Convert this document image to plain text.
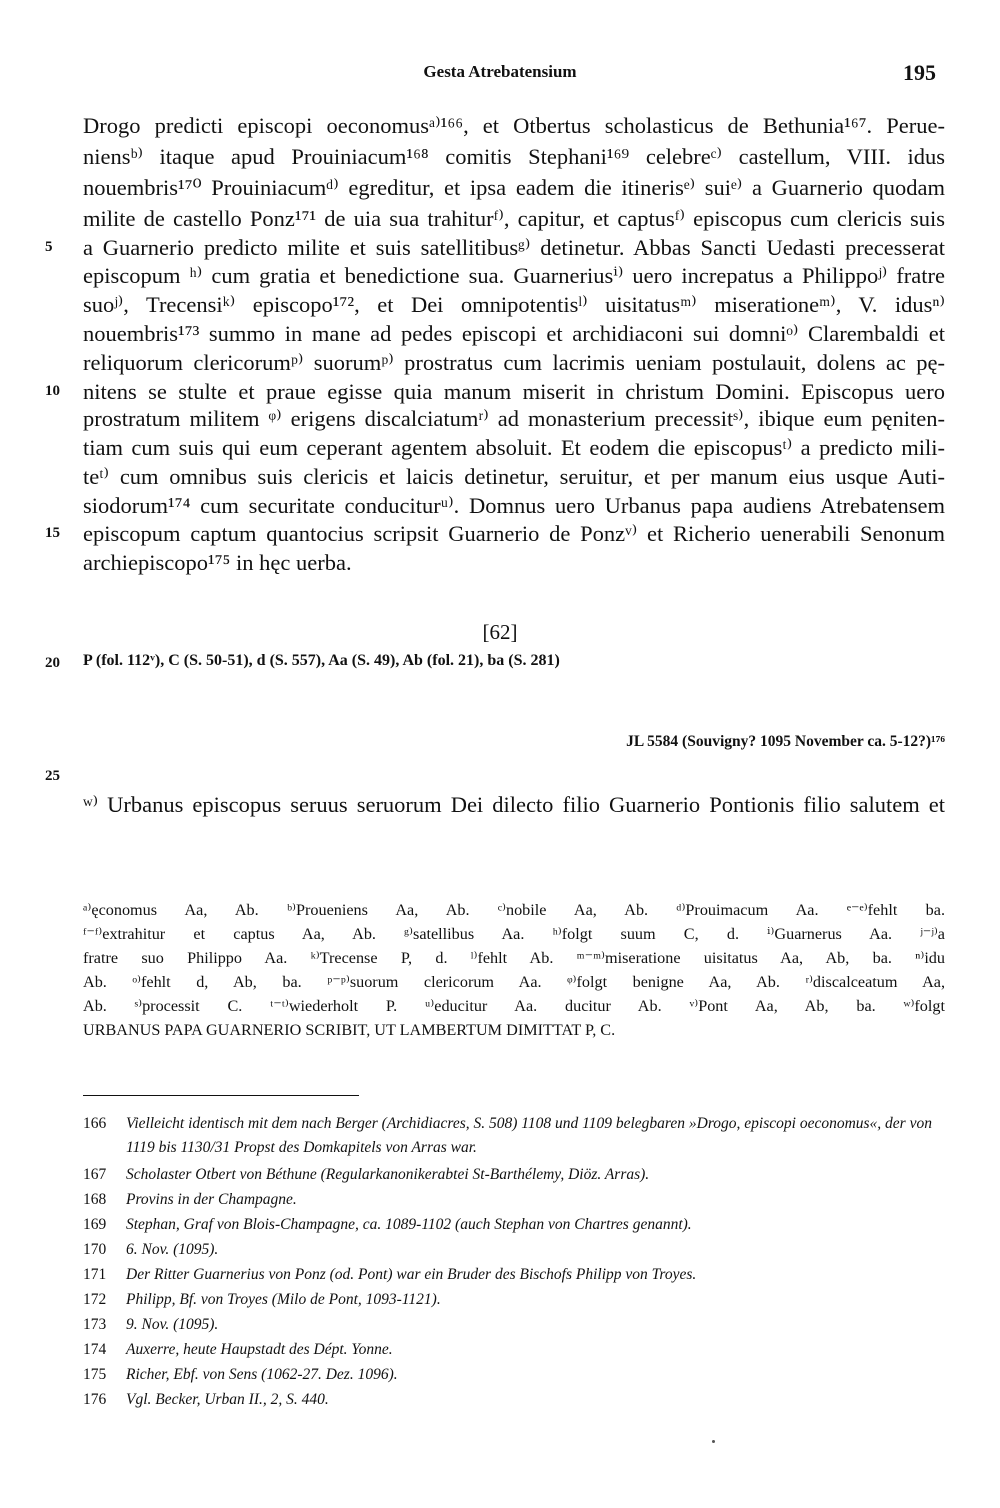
Gesta Atrebatensium	195
Drogo predicti episcopi oeconomusᵃ⁾¹⁶⁶, et Otbertus scholasticus de Bethunia¹⁶⁷. Perue-
niensᵇ⁾ itaque apud Prouiniacum¹⁶⁸ comitis Stephani¹⁶⁹ celebreᶜ⁾ castellum, VIII. idus
nouembris¹⁷⁰ Prouiniacumᵈ⁾ egreditur, et ipsa eadem die itinerisᵉ⁾ suiᵉ⁾ a Guarnerio quodam
milite de castello Ponz¹⁷¹ de uia sua trahiturᶠ⁾, capitur, et captusᶠ⁾ episcopus cum clericis suis
a Guarnerio predicto milite et suis satellitibusᵍ⁾ detinetur. Abbas Sancti Uedasti precesserat
episcopum ʰ⁾ cum gratia et benedictione sua. Guarneriusⁱ⁾ uero increpatus a Philippoʲ⁾ fratre
suoʲ⁾, Trecensiᵏ⁾ episcopo¹⁷², et Dei omnipotentisˡ⁾ uisitatusᵐ⁾ miserationeᵐ⁾, V. idusⁿ⁾
nouembris¹⁷³ summo in mane ad pedes episcopi et archidiaconi sui domniᵒ⁾ Clarembaldi et
reliquorum clericorumᵖ⁾ suorumᵖ⁾ prostratus cum lacrimis ueniam postulauit, dolens ac pę-
nitens se stulte et praue egisse quia manum miserit in christum Domini. Episcopus uero
prostratum militem ᵠ⁾ erigens discalciatumʳ⁾ ad monasterium precessitˢ⁾, ibique eum pęniten-
tiam cum suis qui eum ceperant agentem absoluit. Et eodem die episcopusᵗ⁾ a predicto mili-
teᵗ⁾ cum omnibus suis clericis et laicis detinetur, seruitur, et per manum eius usque Auti-
siodorum¹⁷⁴ cum securitate conduciturᵘ⁾. Domnus uero Urbanus papa audiens Atrebatensem
episcopum captum quantocius scripsit Guarnerio de Ponzᵛ⁾ et Richerio uenerabili Senonum
archiepiscopo¹⁷⁵ in hęc uerba.
5
10
15
20
25
[62]
P (fol. 112ᵛ), C (S. 50-51), d (S. 557), Aa (S. 49), Ab (fol. 21), ba (S. 281)
JL 5584 (Souvigny? 1095 November ca. 5-12?)¹⁷⁶
ʷ⁾ Urbanus episcopus seruus seruorum Dei dilecto filio Guarnerio Pontionis filio salutem et
ᵃ⁾ęconomus Aa, Ab. ᵇ⁾Proueniens Aa, Ab. ᶜ⁾nobile Aa, Ab. ᵈ⁾Prouimacum Aa. ᵉ⁻ᵉ⁾fehlt ba.
ᶠ⁻ᶠ⁾extrahitur et captus Aa, Ab. ᵍ⁾satellibus Aa. ʰ⁾folgt suum C, d. ⁱ⁾Guarnerus Aa. ʲ⁻ʲ⁾a
fratre suo Philippo Aa. ᵏ⁾Trecense P, d. ˡ⁾fehlt Ab. ᵐ⁻ᵐ⁾miseratione uisitatus Aa, Ab, ba. ⁿ⁾idu
Ab. ᵒ⁾fehlt d, Ab, ba. ᵖ⁻ᵖ⁾suorum clericorum Aa. ᵠ⁾folgt benigne Aa, Ab. ʳ⁾discalceatum Aa,
Ab. ˢ⁾processit C. ᵗ⁻ᵗ⁾wiederholt P. ᵘ⁾educitur Aa. ducitur Ab. ᵛ⁾Pont Aa, Ab, ba. ʷ⁾folgt
URBANUS PAPA GUARNERIO SCRIBIT, UT LAMBERTUM DIMITTAT P, C.
166 Vielleicht identisch mit dem nach Berger (Archidiacres, S. 508) 1108 und 1109 belegbaren »Drogo, episcopi oeconomus«, der von 1119 bis 1130/31 Propst des Domkapitels von Arras war.
167 Scholaster Otbert von Béthune (Regularkanonikerabtei St-Barthélemy, Diöz. Arras).
168 Provins in der Champagne.
169 Stephan, Graf von Blois-Champagne, ca. 1089-1102 (auch Stephan von Chartres genannt).
170 6. Nov. (1095).
171 Der Ritter Guarnerius von Ponz (od. Pont) war ein Bruder des Bischofs Philipp von Troyes.
172 Philipp, Bf. von Troyes (Milo de Pont, 1093-1121).
173 9. Nov. (1095).
174 Auxerre, heute Haupstadt des Dépt. Yonne.
175 Richer, Ebf. von Sens (1062-27. Dez. 1096).
176 Vgl. Becker, Urban II., 2, S. 440.
